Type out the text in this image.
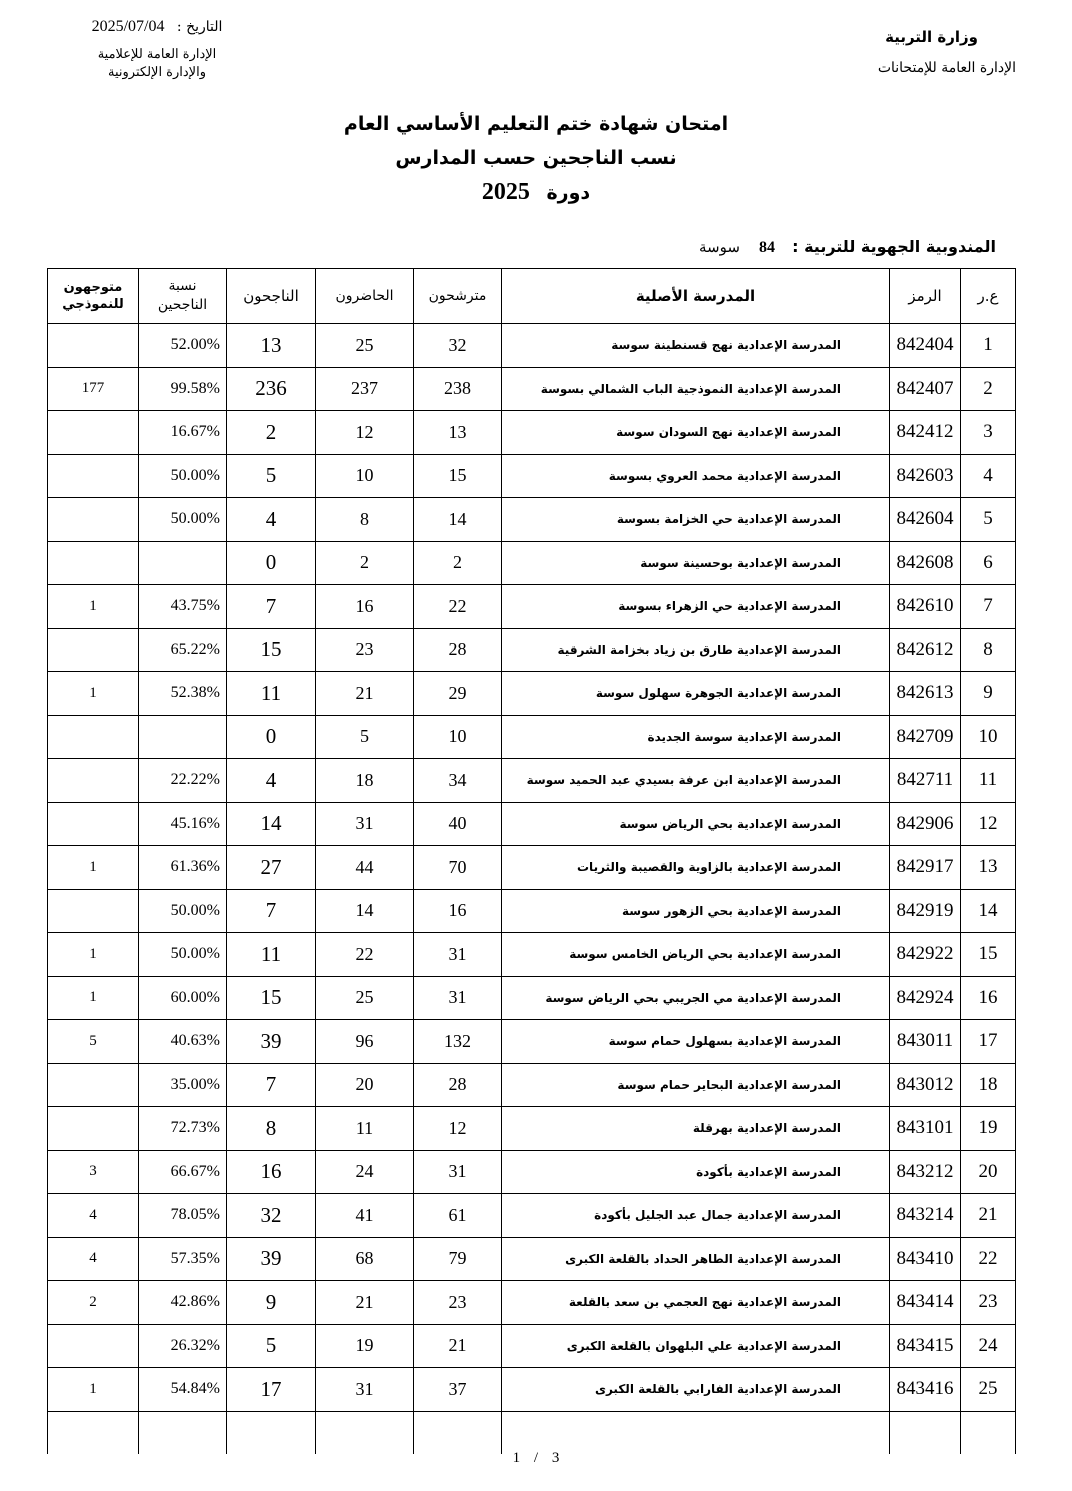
وزارة التربية
الإدارة العامة للإمتحانات
التاريخ : 2025/07/04
الإدارة العامة للإعلامية
والإدارة الإلكترونية
امتحان شهادة ختم التعليم الأساسي العام
نسب الناجحين حسب المدارس
دورة 2025
المندوبية الجهوية للتربية : 84 سوسة
متوجهون للنموذجي	نسبة الناجحين	الناجحون	الحاضرون	مترشحون	المدرسة الأصلية	الرمز	ع.ر
	52.00%	13	25	32	المدرسة الإعدادية نهج قسنطينة سوسة	842404	1
177	99.58%	236	237	238	المدرسة الإعدادية النموذجية الباب الشمالي بسوسة	842407	2
	16.67%	2	12	13	المدرسة الإعدادية نهج السودان سوسة	842412	3
	50.00%	5	10	15	المدرسة الإعدادية محمد العروي بسوسة	842603	4
	50.00%	4	8	14	المدرسة الإعدادية حي الخزامة بسوسة	842604	5
		0	2	2	المدرسة الإعدادية بوحسينة سوسة	842608	6
1	43.75%	7	16	22	المدرسة الإعدادية حي الزهراء بسوسة	842610	7
	65.22%	15	23	28	المدرسة الإعدادية طارق بن زياد بخزامة الشرقية	842612	8
1	52.38%	11	21	29	المدرسة الإعدادية الجوهرة سهلول سوسة	842613	9
		0	5	10	المدرسة الإعدادية سوسة الجديدة	842709	10
	22.22%	4	18	34	المدرسة الإعدادية ابن عرفة بسيدي عبد الحميد سوسة	842711	11
	45.16%	14	31	40	المدرسة الإعدادية بحي الرياض سوسة	842906	12
1	61.36%	27	44	70	المدرسة الإعدادية بالزاوية والقصيبة والثريات	842917	13
	50.00%	7	14	16	المدرسة الإعدادية بحي الزهور سوسة	842919	14
1	50.00%	11	22	31	المدرسة الإعدادية بحي الرياض الخامس سوسة	842922	15
1	60.00%	15	25	31	المدرسة الإعدادية مي الجريبي بحي الرياض سوسة	842924	16
5	40.63%	39	96	132	المدرسة الإعدادية بسهلول حمام سوسة	843011	17
	35.00%	7	20	28	المدرسة الإعدادية البحاير حمام سوسة	843012	18
	72.73%	8	11	12	المدرسة الإعدادية بهرقلة	843101	19
3	66.67%	16	24	31	المدرسة الإعدادية بأكودة	843212	20
4	78.05%	32	41	61	المدرسة الإعدادية جمال عبد الجليل بأكودة	843214	21
4	57.35%	39	68	79	المدرسة الإعدادية الطاهر الحداد بالقلعة الكبرى	843410	22
2	42.86%	9	21	23	المدرسة الإعدادية نهج العجمي بن سعد بالقلعة	843414	23
	26.32%	5	19	21	المدرسة الإعدادية علي البلهوان بالقلعة الكبرى	843415	24
1	54.84%	17	31	37	المدرسة الإعدادية الفارابي بالقلعة الكبرى	843416	25

1 / 3
